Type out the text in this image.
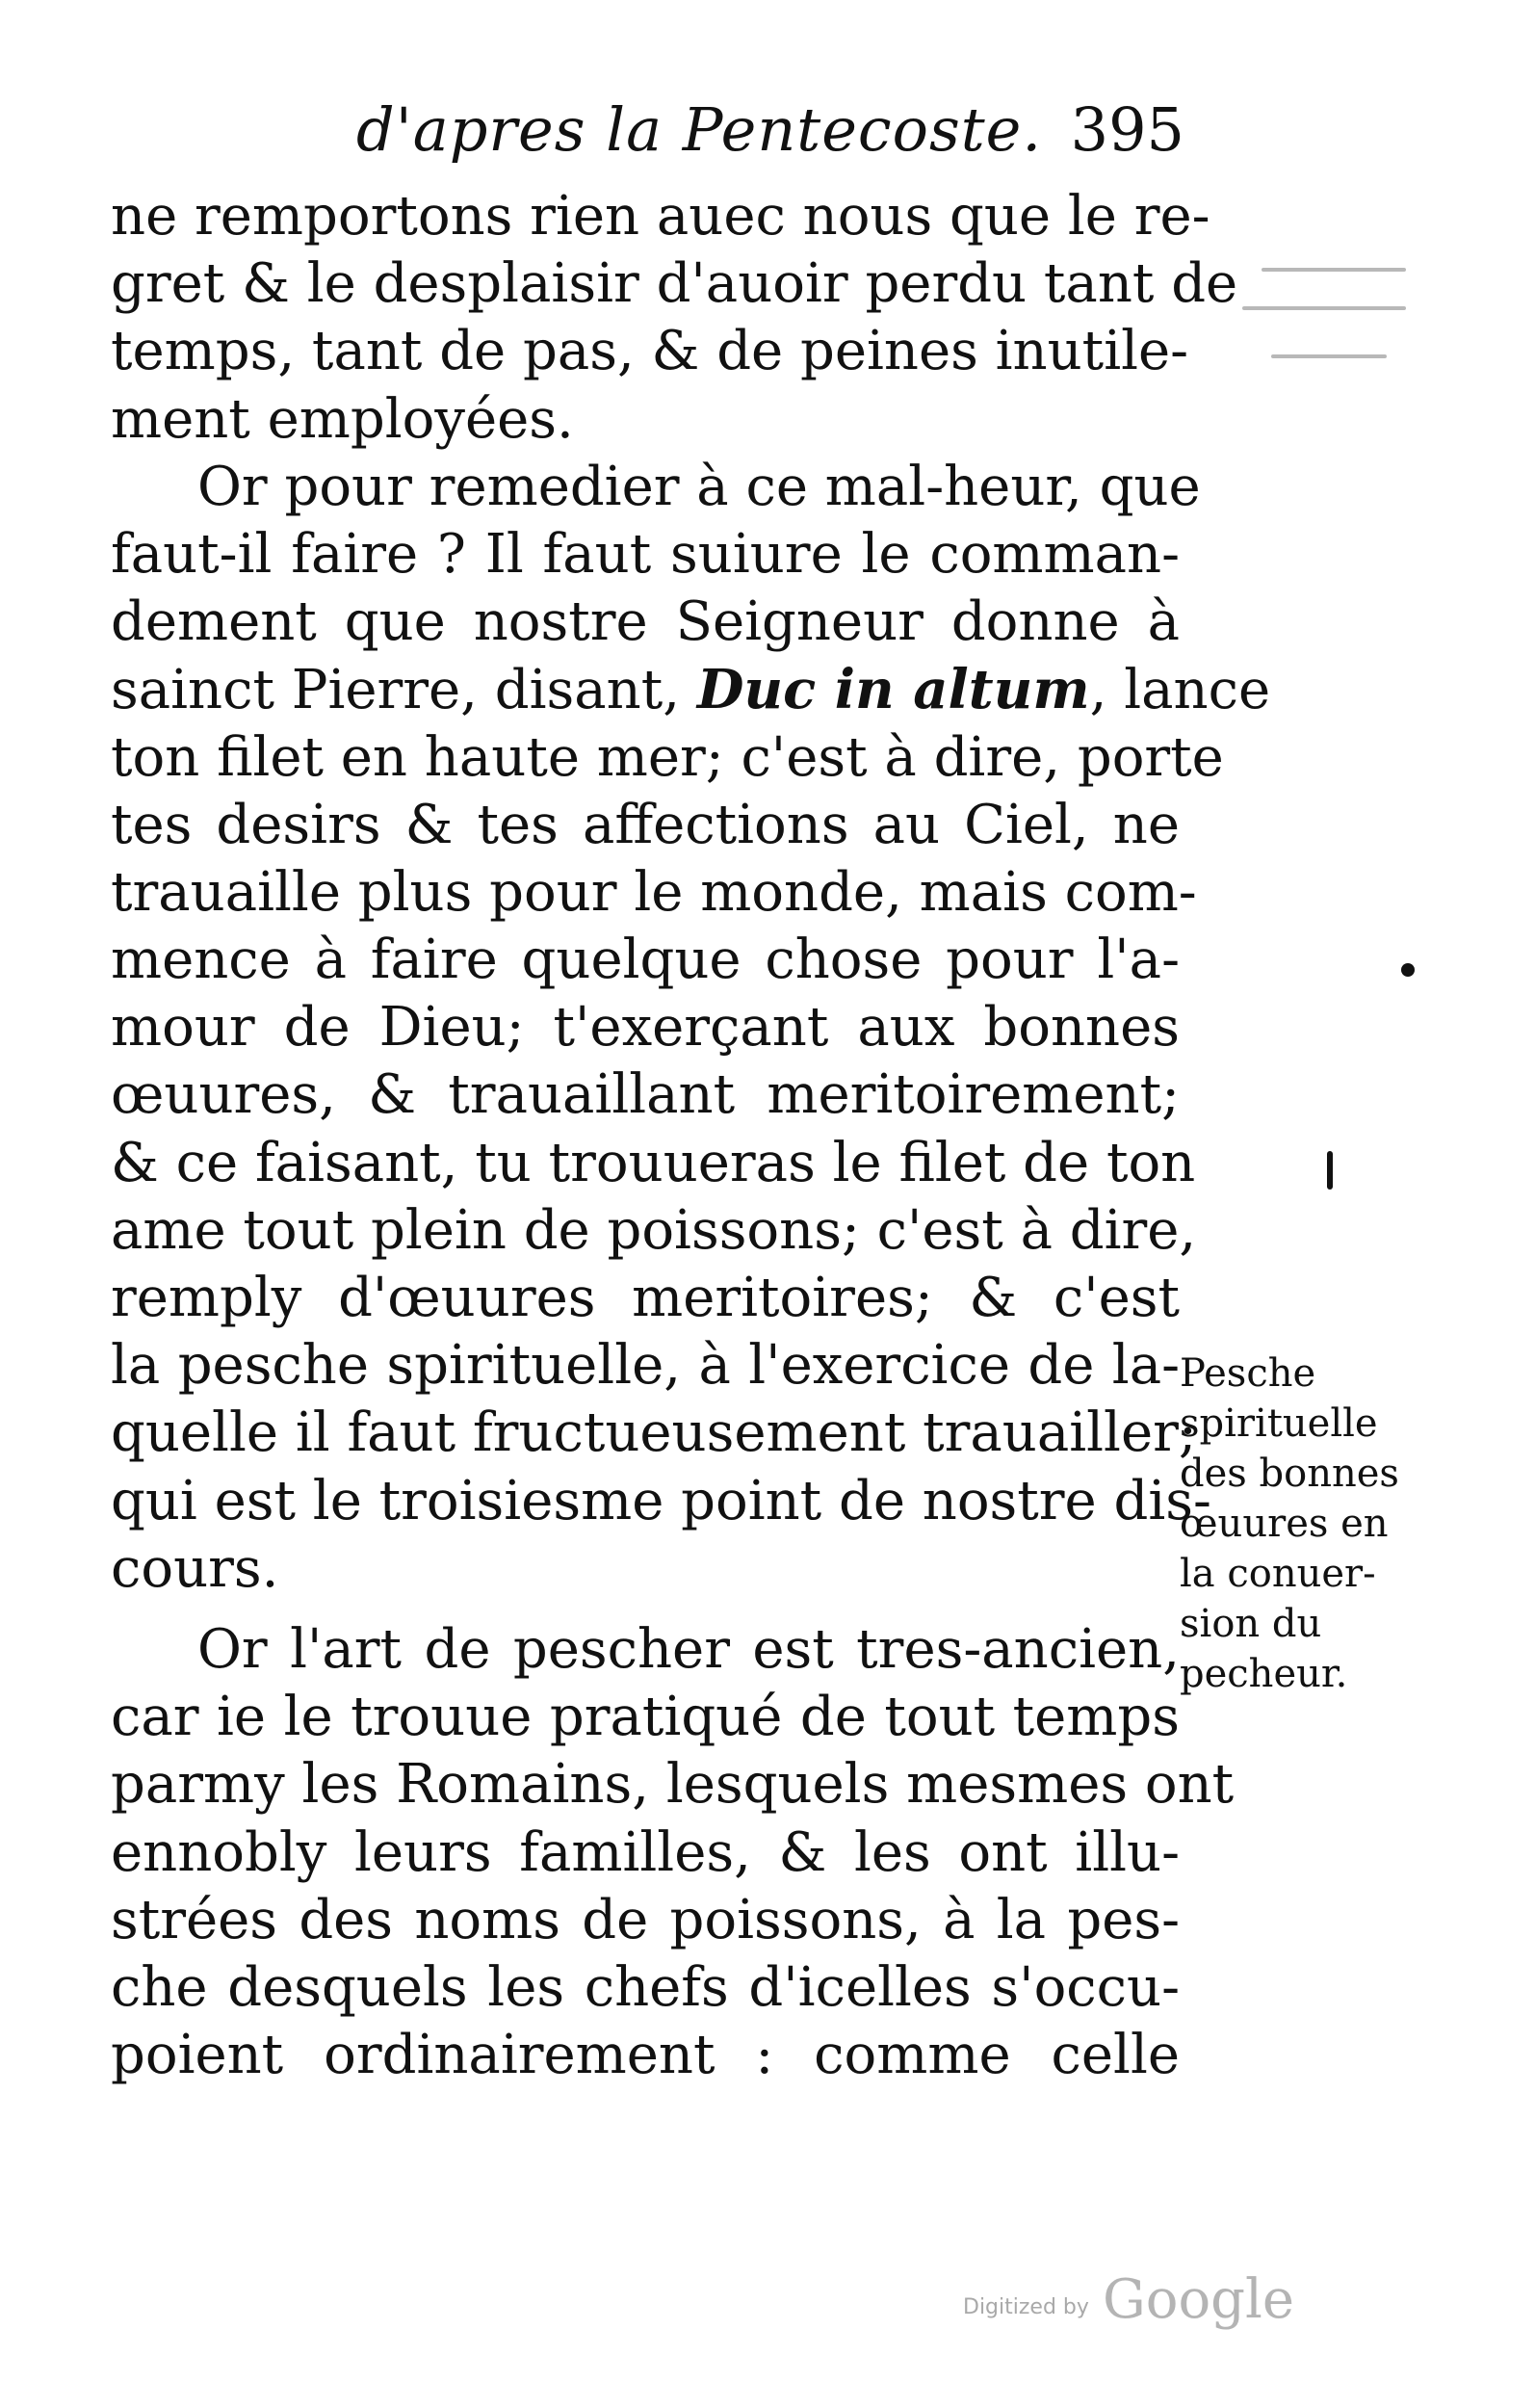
d'apres la Pentecoste. 395
ne remportons rien auec nous que le re-
gret & le desplaisir d'auoir perdu tant de
temps, tant de pas, & de peines inutile-
ment employées.
Or pour remedier à ce mal-heur, que
faut-il faire ? Il faut suiure le comman-
dement que nostre Seigneur donne à
sainct Pierre, disant, Duc in altum, lance
ton filet en haute mer; c'est à dire, porte
tes desirs & tes affections au Ciel, ne
trauaille plus pour le monde, mais com-
mence à faire quelque chose pour l'a-
mour de Dieu; t'exerçant aux bonnes
œuures, & trauaillant meritoirement;
& ce faisant, tu trouueras le filet de ton
ame tout plein de poissons; c'est à dire,
remply d'œuures meritoires; & c'est
la pesche spirituelle, à l'exercice de la-
quelle il faut fructueusement trauailler;
qui est le troisiesme point de nostre dis-
cours.
Or l'art de pescher est tres-ancien,
car ie le trouue pratiqué de tout temps
parmy les Romains, lesquels mesmes ont
ennobly leurs familles, & les ont illu-
strées des noms de poissons, à la pes-
che desquels les chefs d'icelles s'occu-
poient ordinairement : comme celle
Pesche
spirituelle
des bonnes
œuures en
la conuer-
sion du
pecheur.
Digitized by Google
